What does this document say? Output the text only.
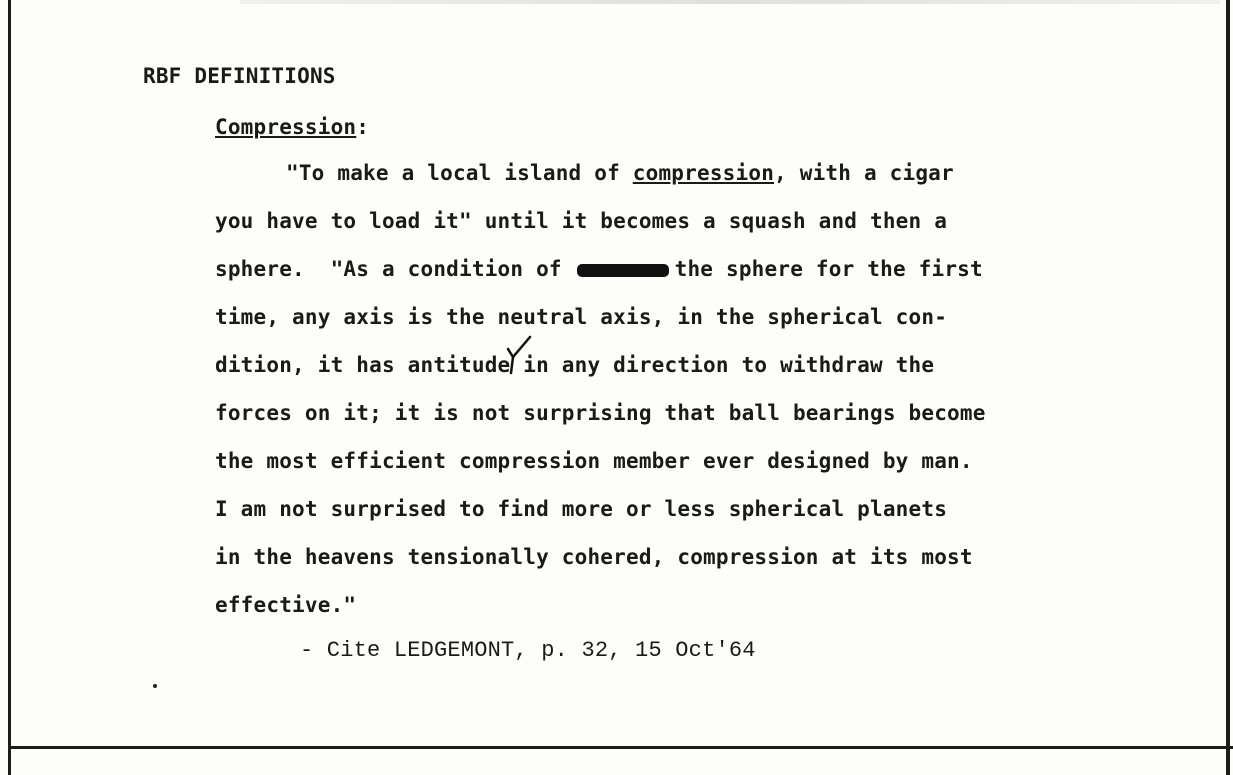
RBF DEFINITIONS

Compression:

"To make a local island of compression, with a cigar

you have to load it" until it becomes a squash and then a

sphere.  "As a condition of	the sphere for the first

time, any axis is the neutral axis, in the spherical con-

dition, it has antitude in any direction to withdraw the

forces on it; it is not surprising that ball bearings become

the most efficient compression member ever designed by man.

I am not surprised to find more or less spherical planets

in the heavens tensionally cohered, compression at its most

effective."

- Cite LEDGEMONT, p. 32, 15 Oct'64
